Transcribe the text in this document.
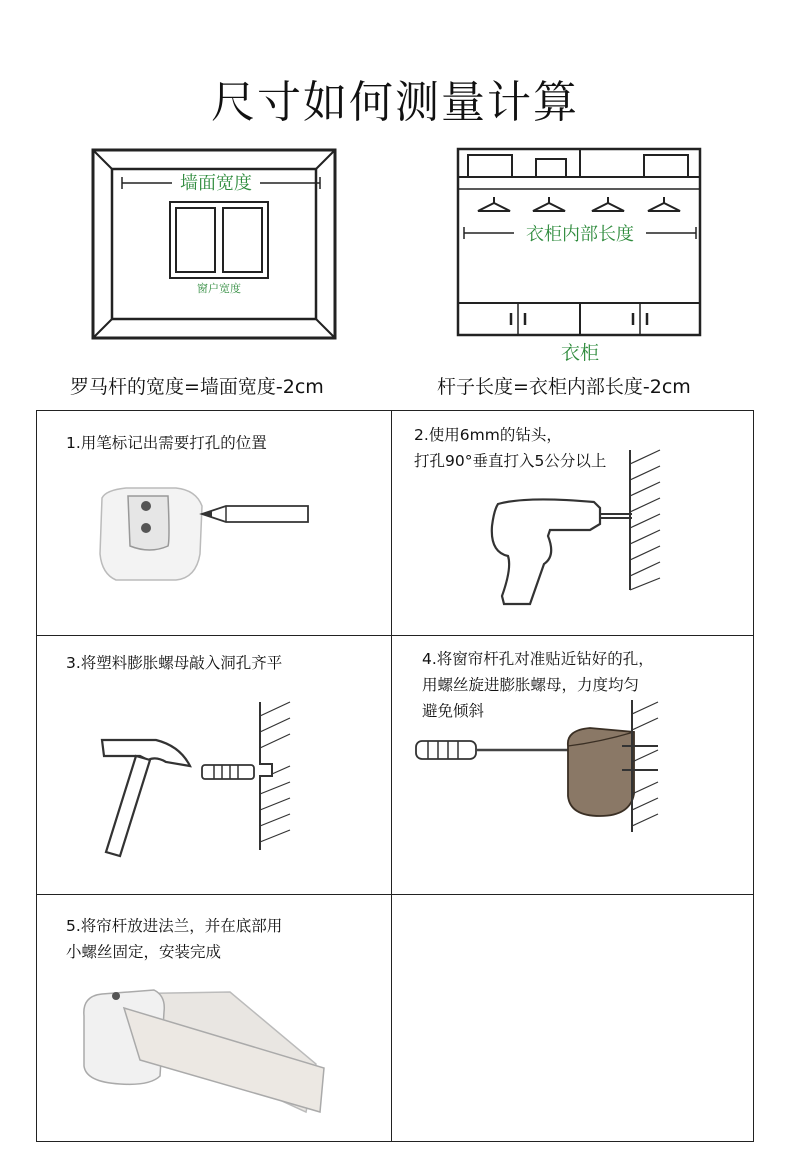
尺寸如何测量计算
墙面宽度
窗户宽度
罗马杆的宽度=墙面宽度-2cm
衣柜内部长度
衣柜
杆子长度=衣柜内部长度-2cm
1.用笔标记出需要打孔的位置	2.使用6mm的钻头，
打孔90°垂直打入5公分以上
3.将塑料膨胀螺母敲入洞孔齐平	4.将窗帘杆孔对准贴近钻好的孔，
用螺丝旋进膨胀螺母，力度均匀
避免倾斜
5.将帘杆放进法兰，并在底部用
小螺丝固定，安装完成
